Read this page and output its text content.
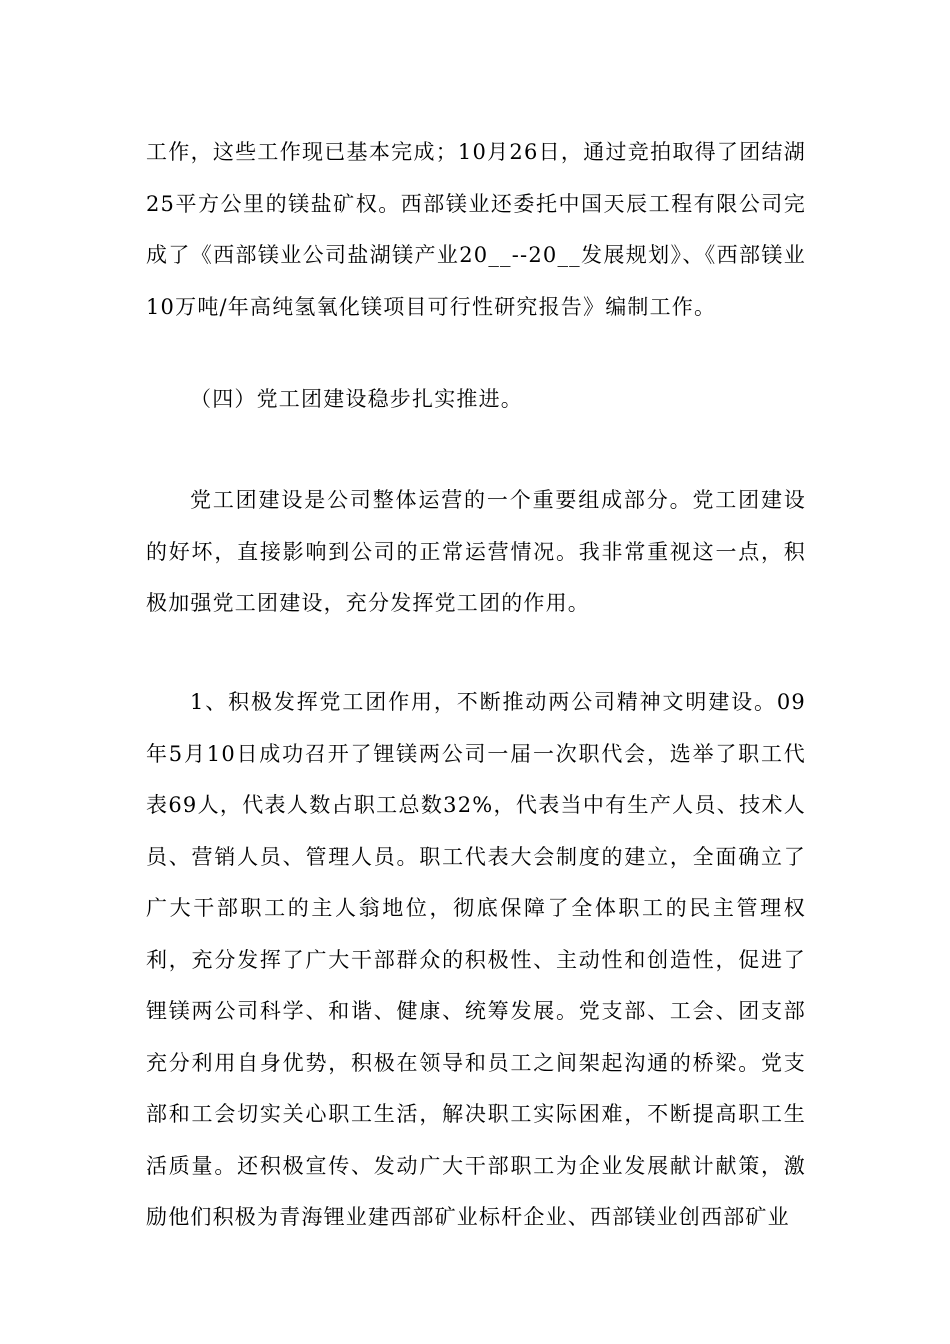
工作，这些工作现已基本完成；10月26日，通过竞拍取得了团结湖25平方公里的镁盐矿权。西部镁业还委托中国天辰工程有限公司完成了《西部镁业公司盐湖镁产业20__--20__发展规划》、《西部镁业10万吨/年高纯氢氧化镁项目可行性研究报告》编制工作。

（四）党工团建设稳步扎实推进。

党工团建设是公司整体运营的一个重要组成部分。党工团建设的好坏，直接影响到公司的正常运营情况。我非常重视这一点，积极加强党工团建设，充分发挥党工团的作用。

1、积极发挥党工团作用，不断推动两公司精神文明建设。09年5月10日成功召开了锂镁两公司一届一次职代会，选举了职工代表69人，代表人数占职工总数32%，代表当中有生产人员、技术人员、营销人员、管理人员。职工代表大会制度的建立，全面确立了广大干部职工的主人翁地位，彻底保障了全体职工的民主管理权利，充分发挥了广大干部群众的积极性、主动性和创造性，促进了锂镁两公司科学、和谐、健康、统筹发展。党支部、工会、团支部充分利用自身优势，积极在领导和员工之间架起沟通的桥梁。党支部和工会切实关心职工生活，解决职工实际困难，不断提高职工生活质量。还积极宣传、发动广大干部职工为企业发展献计献策，激励他们积极为青海锂业建西部矿业标杆企业、西部镁业创西部矿业
